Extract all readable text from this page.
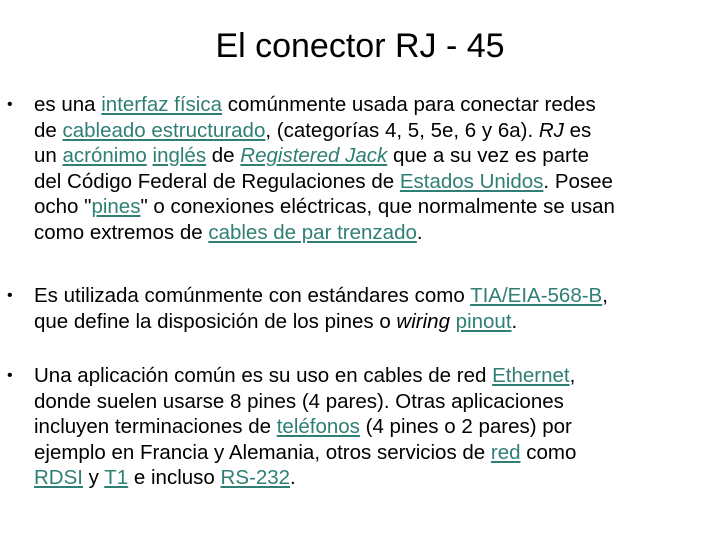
El conector RJ - 45
• es una interfaz física comúnmente usada para conectar redes
de cableado estructurado, (categorías 4, 5, 5e, 6 y 6a). RJ es
un acrónimo inglés de Registered Jack que a su vez es parte
del Código Federal de Regulaciones de Estados Unidos. Posee
ocho "pines" o conexiones eléctricas, que normalmente se usan
como extremos de cables de par trenzado.
• Es utilizada comúnmente con estándares como TIA/EIA-568-B,
que define la disposición de los pines o wiring pinout.
• Una aplicación común es su uso en cables de red Ethernet,
donde suelen usarse 8 pines (4 pares). Otras aplicaciones
incluyen terminaciones de teléfonos (4 pines o 2 pares) por
ejemplo en Francia y Alemania, otros servicios de red como
RDSI y T1 e incluso RS-232.
